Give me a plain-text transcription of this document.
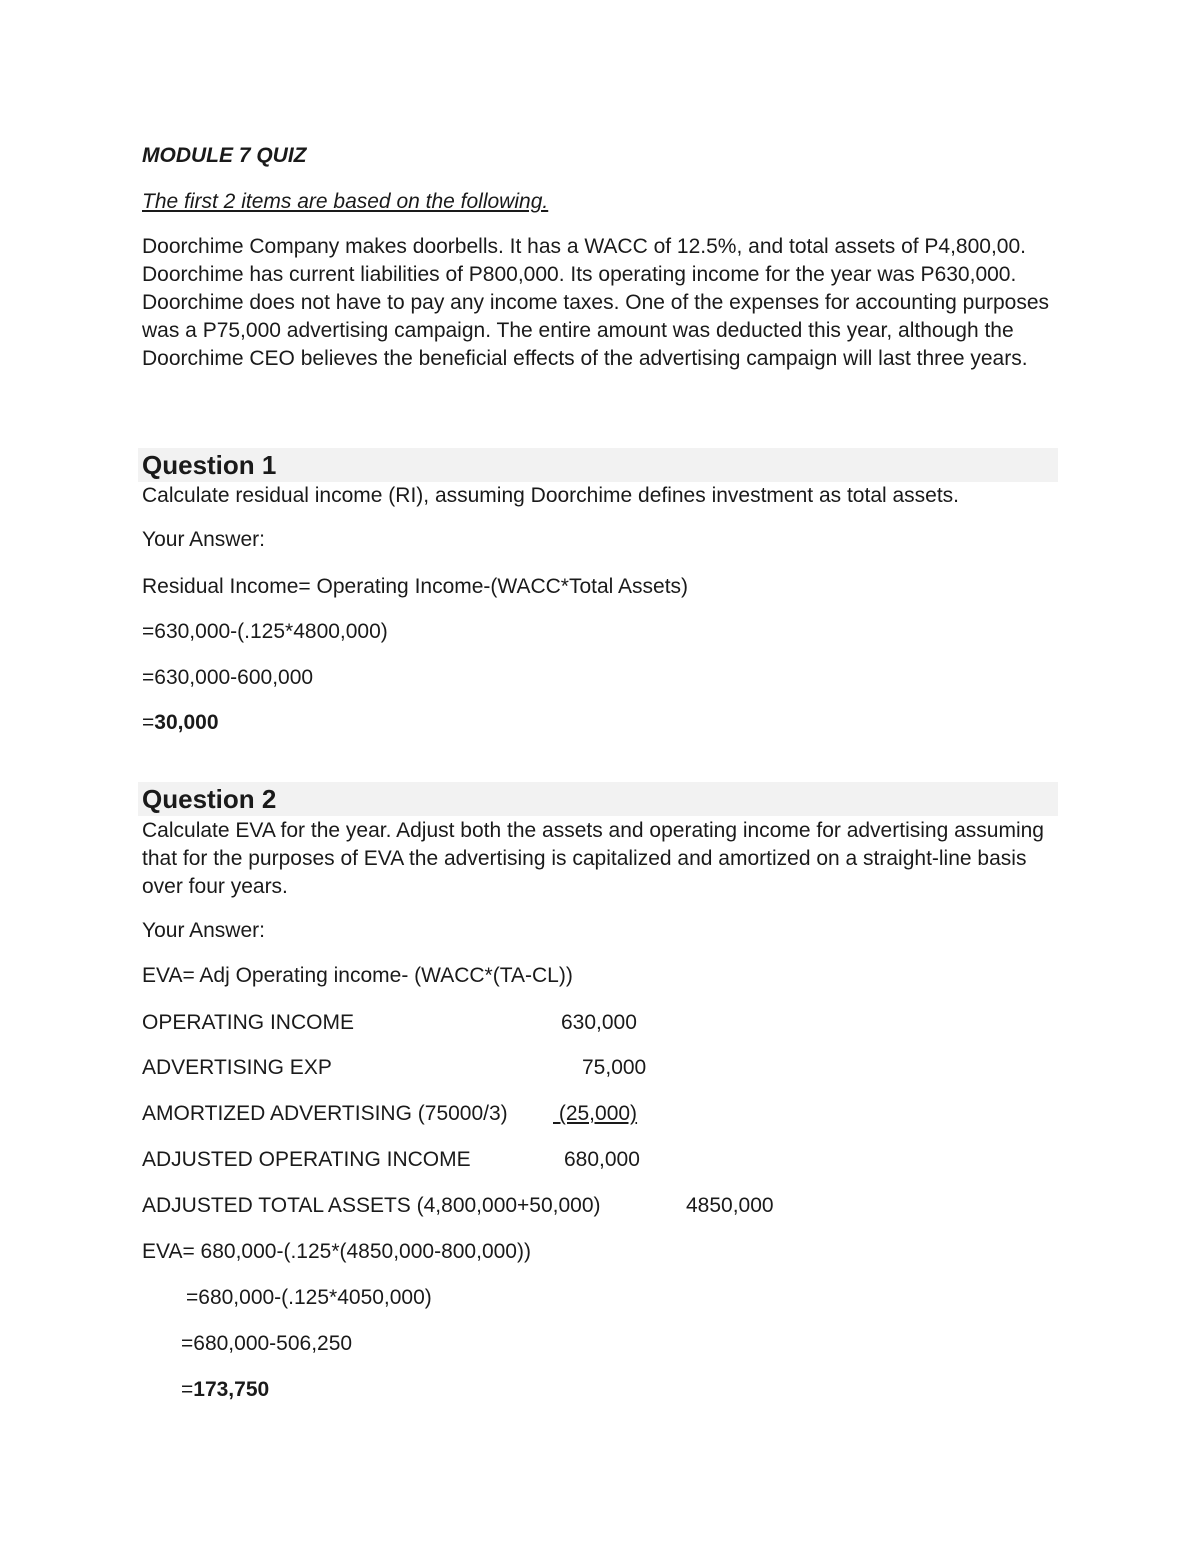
MODULE 7 QUIZ
The first 2 items are based on the following.
Doorchime Company makes doorbells. It has a WACC of 12.5%, and total assets of P4,800,00. Doorchime has current liabilities of P800,000. Its operating income for the year was P630,000. Doorchime does not have to pay any income taxes. One of the expenses for accounting purposes was a P75,000 advertising campaign. The entire amount was deducted this year, although the Doorchime CEO believes the beneficial effects of the advertising campaign will last three years.
Question 1
Calculate residual income (RI), assuming Doorchime defines investment as total assets.
Your Answer:
Residual Income= Operating Income-(WACC*Total Assets)
=630,000-(.125*4800,000)
=630,000-600,000
=30,000
Question 2
Calculate EVA for the year. Adjust both the assets and operating income for advertising assuming that for the purposes of EVA the advertising is capitalized and amortized on a straight-line basis over four years.
Your Answer:
EVA= Adj Operating income- (WACC*(TA-CL))
OPERATING INCOME	630,000
ADVERTISING EXP	75,000
AMORTIZED ADVERTISING (75000/3) (25,000)
ADJUSTED OPERATING INCOME	680,000
ADJUSTED TOTAL ASSETS (4,800,000+50,000)	4850,000
EVA= 680,000-(.125*(4850,000-800,000))
=680,000-(.125*4050,000)
=680,000-506,250
=173,750
